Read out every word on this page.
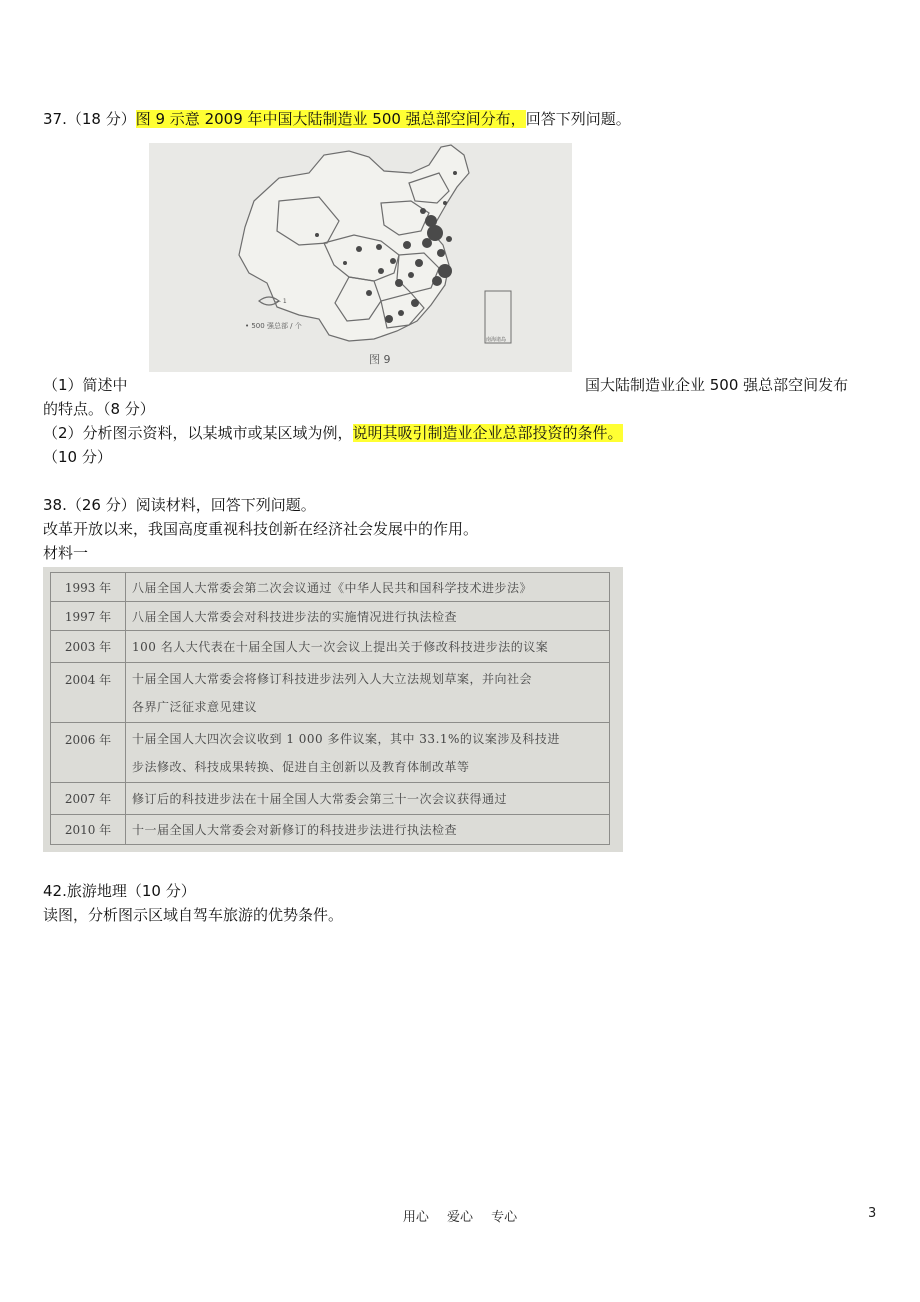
37.（18 分）图 9 示意 2009 年中国大陆制造业 500 强总部空间分布，回答下列问题。
— 1
• 500 强总部 / 个
南海诸岛
图 9
（1）简述中	国大陆制造业企业 500 强总部空间发布
的特点。（8 分）
（2）分析图示资料，以某城市或某区域为例，说明其吸引制造业企业总部投资的条件。
（10 分）
38.（26 分）阅读材料，回答下列问题。
改革开放以来，我国高度重视科技创新在经济社会发展中的作用。
材料一
1993 年	八届全国人大常委会第二次会议通过《中华人民共和国科学技术进步法》
1997 年	八届全国人大常委会对科技进步法的实施情况进行执法检查
2003 年	100 名人大代表在十届全国人大一次会议上提出关于修改科技进步法的议案
2004 年	十届全国人大常委会将修订科技进步法列入人大立法规划草案，并向社会
各界广泛征求意见建议

2006 年	十届全国人大四次会议收到 1 000 多件议案，其中 33.1%的议案涉及科技进
步法修改、科技成果转换、促进自主创新以及教育体制改革等

2007 年	修订后的科技进步法在十届全国人大常委会第三十一次会议获得通过
2010 年	十一届全国人大常委会对新修订的科技进步法进行执法检查
42.旅游地理（10 分）
读图，分析图示区域自驾车旅游的优势条件。
用心 爱心 专心	3
